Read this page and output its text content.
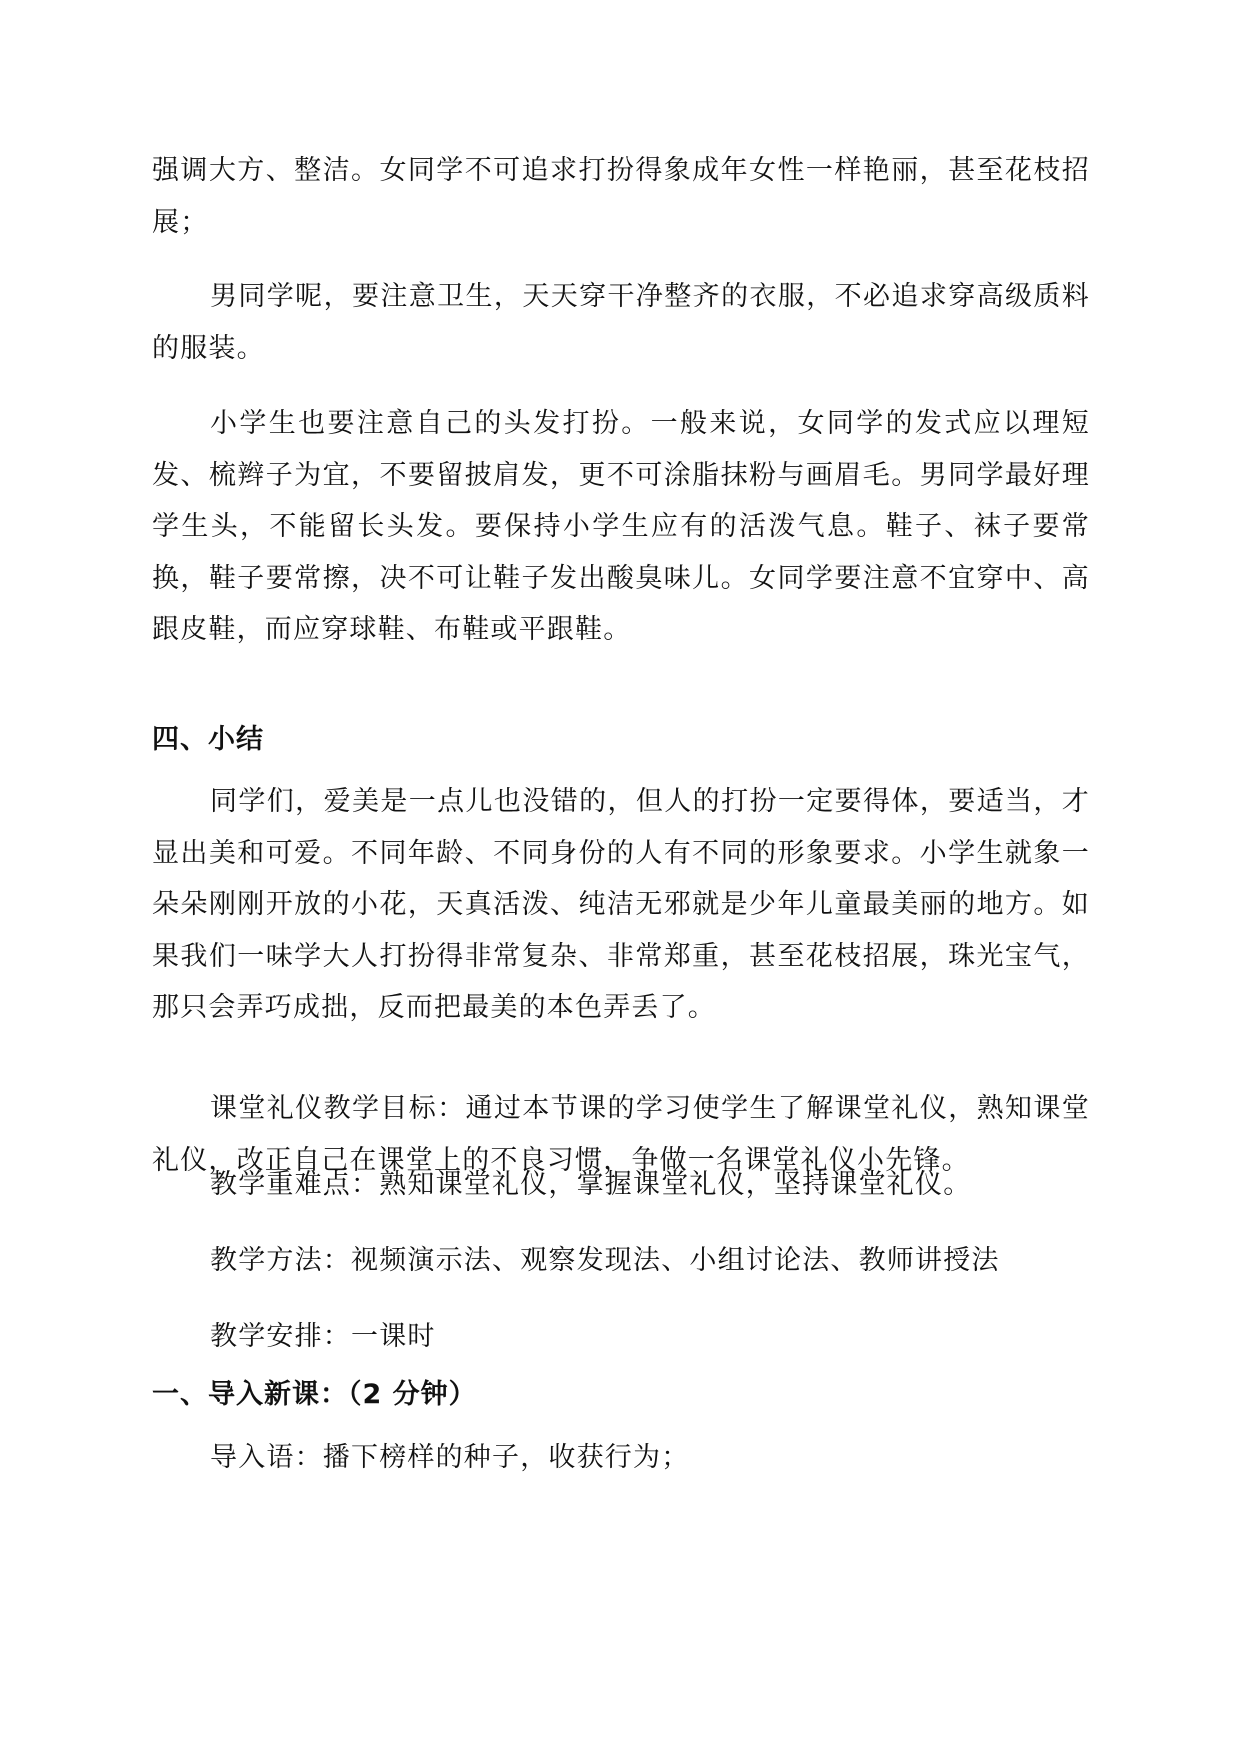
强调大方、整洁。女同学不可追求打扮得象成年女性一样艳丽，甚至花枝招展；

男同学呢，要注意卫生，天天穿干净整齐的衣服，不必追求穿高级质料的服装。

小学生也要注意自己的头发打扮。一般来说，女同学的发式应以理短发、梳辫子为宜，不要留披肩发，更不可涂脂抹粉与画眉毛。男同学最好理学生头，不能留长头发。要保持小学生应有的活泼气息。鞋子、袜子要常换，鞋子要常擦，决不可让鞋子发出酸臭味儿。女同学要注意不宜穿中、高跟皮鞋，而应穿球鞋、布鞋或平跟鞋。

四、小结

同学们，爱美是一点儿也没错的，但人的打扮一定要得体，要适当，才显出美和可爱。不同年龄、不同身份的人有不同的形象要求。小学生就象一朵朵刚刚开放的小花，天真活泼、纯洁无邪就是少年儿童最美丽的地方。如果我们一味学大人打扮得非常复杂、非常郑重，甚至花枝招展，珠光宝气，那只会弄巧成拙，反而把最美的本色弄丢了。

课堂礼仪教学目标：通过本节课的学习使学生了解课堂礼仪，熟知课堂礼仪，改正自己在课堂上的不良习惯，争做一名课堂礼仪小先锋。

教学重难点：熟知课堂礼仪，掌握课堂礼仪，坚持课堂礼仪。

教学方法：视频演示法、观察发现法、小组讨论法、教师讲授法

教学安排：一课时

一、导入新课：（2 分钟）

导入语：播下榜样的种子，收获行为；
